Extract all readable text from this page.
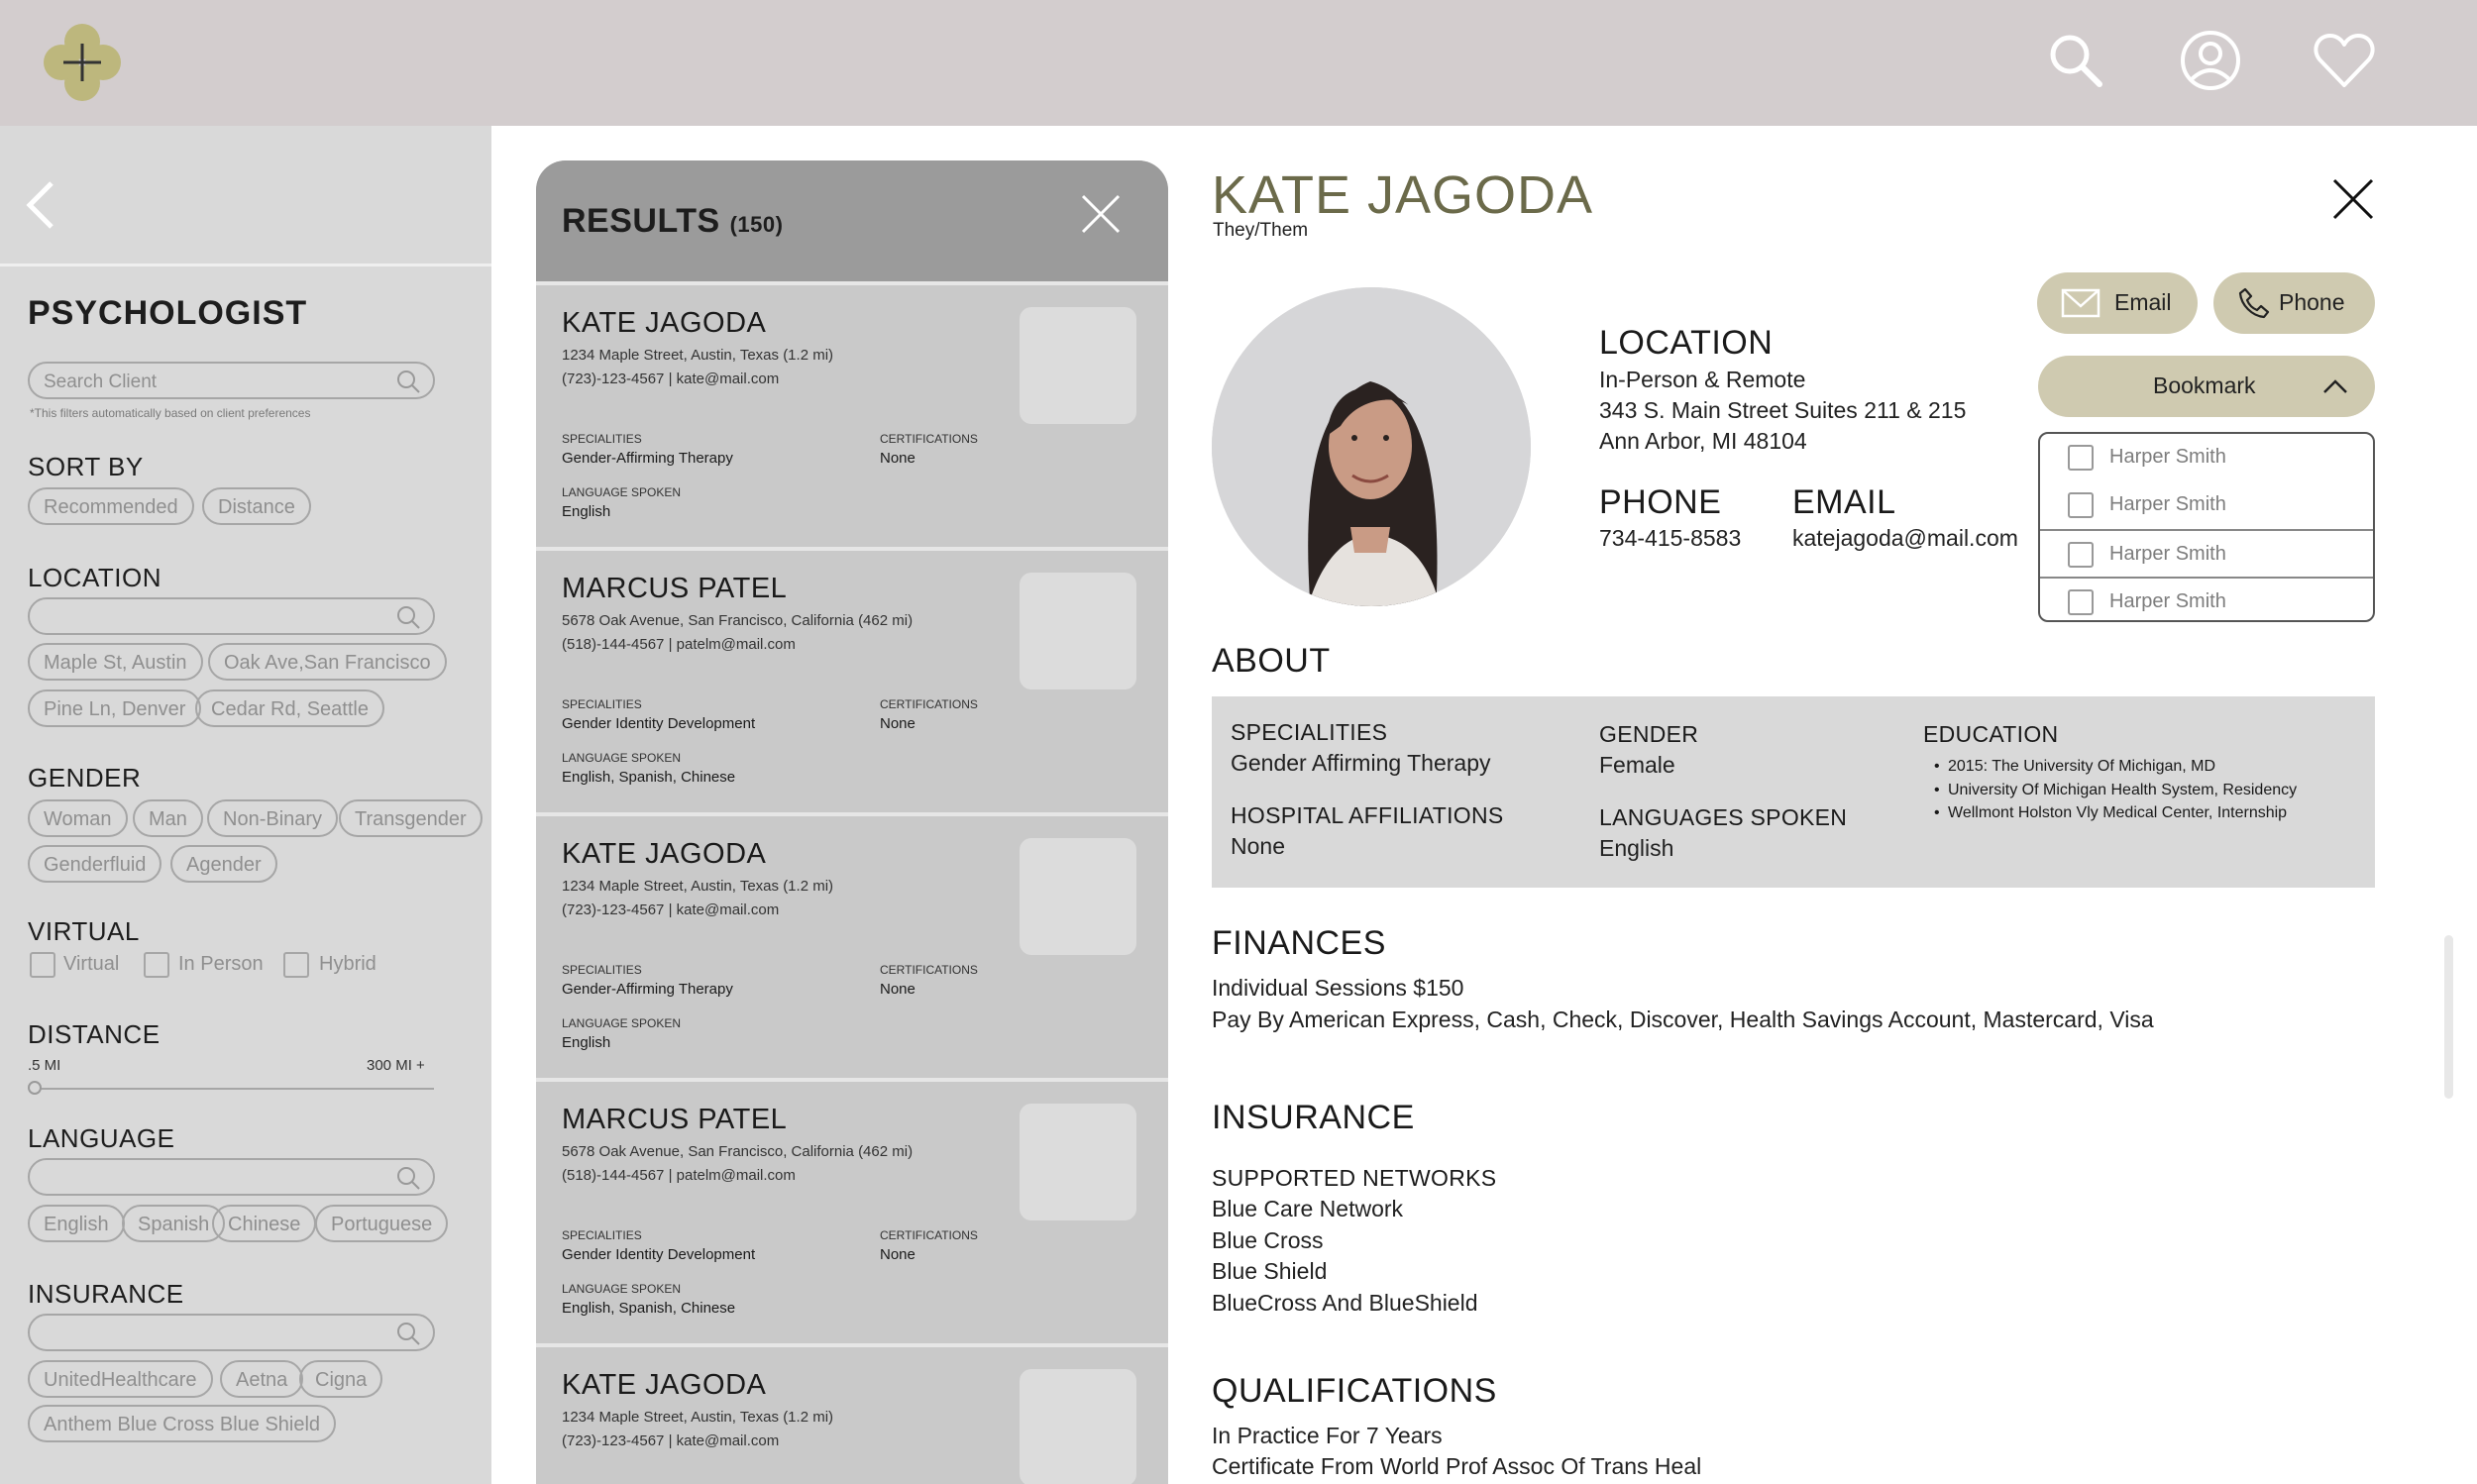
PSYCHOLOGIST
Search Client
*This filters automatically based on client preferences
SORT BY
Recommended	Distance
LOCATION
Maple St, Austin	Oak Ave,San Francisco
Pine Ln, Denver	Cedar Rd, Seattle
GENDER
Woman	Man	Non-Binary	Transgender
Genderfluid	Agender
VIRTUAL
Virtual	In Person	Hybrid
DISTANCE
.5 MI	300 MI +
LANGUAGE
English	Spanish Chinese	Portuguese
INSURANCE
UnitedHealthcare	Aetna	Cigna
Anthem Blue Cross Blue Shield
RESULTS (150)
KATE JAGODA
1234 Maple Street, Austin, Texas (1.2 mi)
(723)-123-4567 | kate@mail.com
SPECIALITIES
Gender-Affirming Therapy
CERTIFICATIONS
None
LANGUAGE SPOKEN
English
MARCUS PATEL
5678 Oak Avenue, San Francisco, California (462 mi)
(518)-144-4567 | patelm@mail.com
SPECIALITIES
Gender Identity Development
CERTIFICATIONS
None
LANGUAGE SPOKEN
English, Spanish, Chinese
KATE JAGODA
1234 Maple Street, Austin, Texas (1.2 mi)
(723)-123-4567 | kate@mail.com
SPECIALITIES
Gender-Affirming Therapy
CERTIFICATIONS
None
LANGUAGE SPOKEN
English
MARCUS PATEL
5678 Oak Avenue, San Francisco, California (462 mi)
(518)-144-4567 | patelm@mail.com
SPECIALITIES
Gender Identity Development
CERTIFICATIONS
None
LANGUAGE SPOKEN
English, Spanish, Chinese
KATE JAGODA
1234 Maple Street, Austin, Texas (1.2 mi)
(723)-123-4567 | kate@mail.com
KATE JAGODA
They/Them
LOCATION
In-Person & Remote
343 S. Main Street Suites 211 & 215
Ann Arbor, MI 48104
PHONE
734-415-8583
EMAIL
katejagoda@mail.com
Email	Phone
Bookmark
Harper Smith
Harper Smith
Harper Smith
Harper Smith
ABOUT
SPECIALITIES
Gender Affirming Therapy
HOSPITAL AFFILIATIONS
None
GENDER
Female
LANGUAGES SPOKEN
English
EDUCATION
• 2015: The University Of Michigan, MD
• University Of Michigan Health System, Residency
• Wellmont Holston Vly Medical Center, Internship
FINANCES
Individual Sessions $150
Pay By American Express, Cash, Check, Discover, Health Savings Account, Mastercard, Visa
INSURANCE
SUPPORTED NETWORKS
Blue Care Network
Blue Cross
Blue Shield
BlueCross And BlueShield
QUALIFICATIONS
In Practice For 7 Years
Certificate From World Prof Assoc Of Trans Heal
